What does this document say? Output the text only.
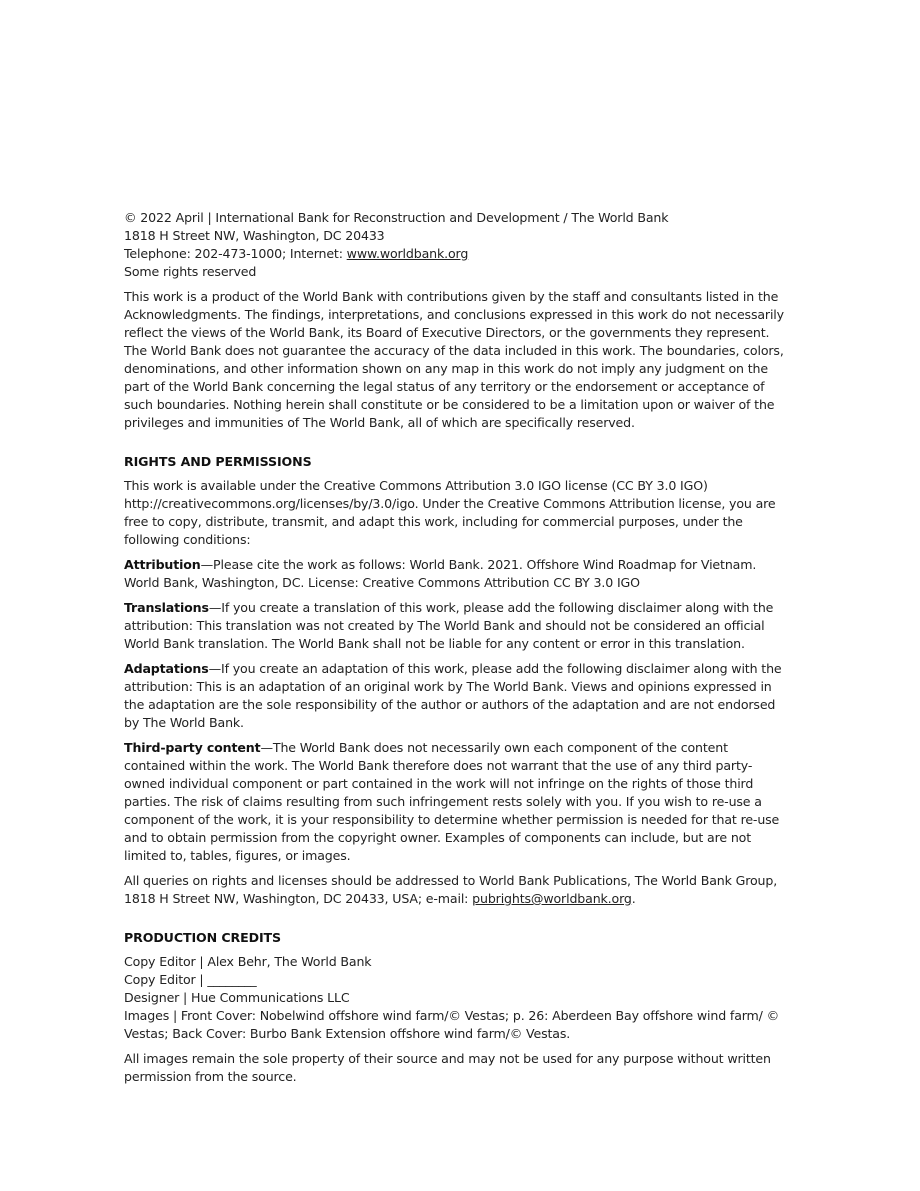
© 2022 April | International Bank for Reconstruction and Development / The World Bank
1818 H Street NW, Washington, DC 20433
Telephone: 202-473-1000; Internet: www.worldbank.org
Some rights reserved

This work is a product of the World Bank with contributions given by the staff and consultants listed in the Acknowledgments. The findings, interpretations, and conclusions expressed in this work do not necessarily reflect the views of the World Bank, its Board of Executive Directors, or the governments they represent. The World Bank does not guarantee the accuracy of the data included in this work. The boundaries, colors, denominations, and other information shown on any map in this work do not imply any judgment on the part of the World Bank concerning the legal status of any territory or the endorsement or acceptance of such boundaries. Nothing herein shall constitute or be considered to be a limitation upon or waiver of the privileges and immunities of The World Bank, all of which are specifically reserved.

RIGHTS AND PERMISSIONS

This work is available under the Creative Commons Attribution 3.0 IGO license (CC BY 3.0 IGO) http://creativecommons.org/licenses/by/3.0/igo. Under the Creative Commons Attribution license, you are free to copy, distribute, transmit, and adapt this work, including for commercial purposes, under the following conditions:

Attribution—Please cite the work as follows: World Bank. 2021. Offshore Wind Roadmap for Vietnam. World Bank, Washington, DC. License: Creative Commons Attribution CC BY 3.0 IGO

Translations—If you create a translation of this work, please add the following disclaimer along with the attribution: This translation was not created by The World Bank and should not be considered an official World Bank translation. The World Bank shall not be liable for any content or error in this translation.

Adaptations—If you create an adaptation of this work, please add the following disclaimer along with the attribution: This is an adaptation of an original work by The World Bank. Views and opinions expressed in the adaptation are the sole responsibility of the author or authors of the adaptation and are not endorsed by The World Bank.

Third-party content—The World Bank does not necessarily own each component of the content contained within the work. The World Bank therefore does not warrant that the use of any third party-owned individual component or part contained in the work will not infringe on the rights of those third parties. The risk of claims resulting from such infringement rests solely with you. If you wish to re-use a component of the work, it is your responsibility to determine whether permission is needed for that re-use and to obtain permission from the copyright owner. Examples of components can include, but are not limited to, tables, figures, or images.

All queries on rights and licenses should be addressed to World Bank Publications, The World Bank Group, 1818 H Street NW, Washington, DC 20433, USA; e-mail: pubrights@worldbank.org.

PRODUCTION CREDITS
Copy Editor | Alex Behr, The World Bank
Copy Editor | ________
Designer | Hue Communications LLC
Images | Front Cover: Nobelwind offshore wind farm/© Vestas; p. 26: Aberdeen Bay offshore wind farm/ © Vestas; Back Cover: Burbo Bank Extension offshore wind farm/© Vestas.

All images remain the sole property of their source and may not be used for any purpose without written permission from the source.
